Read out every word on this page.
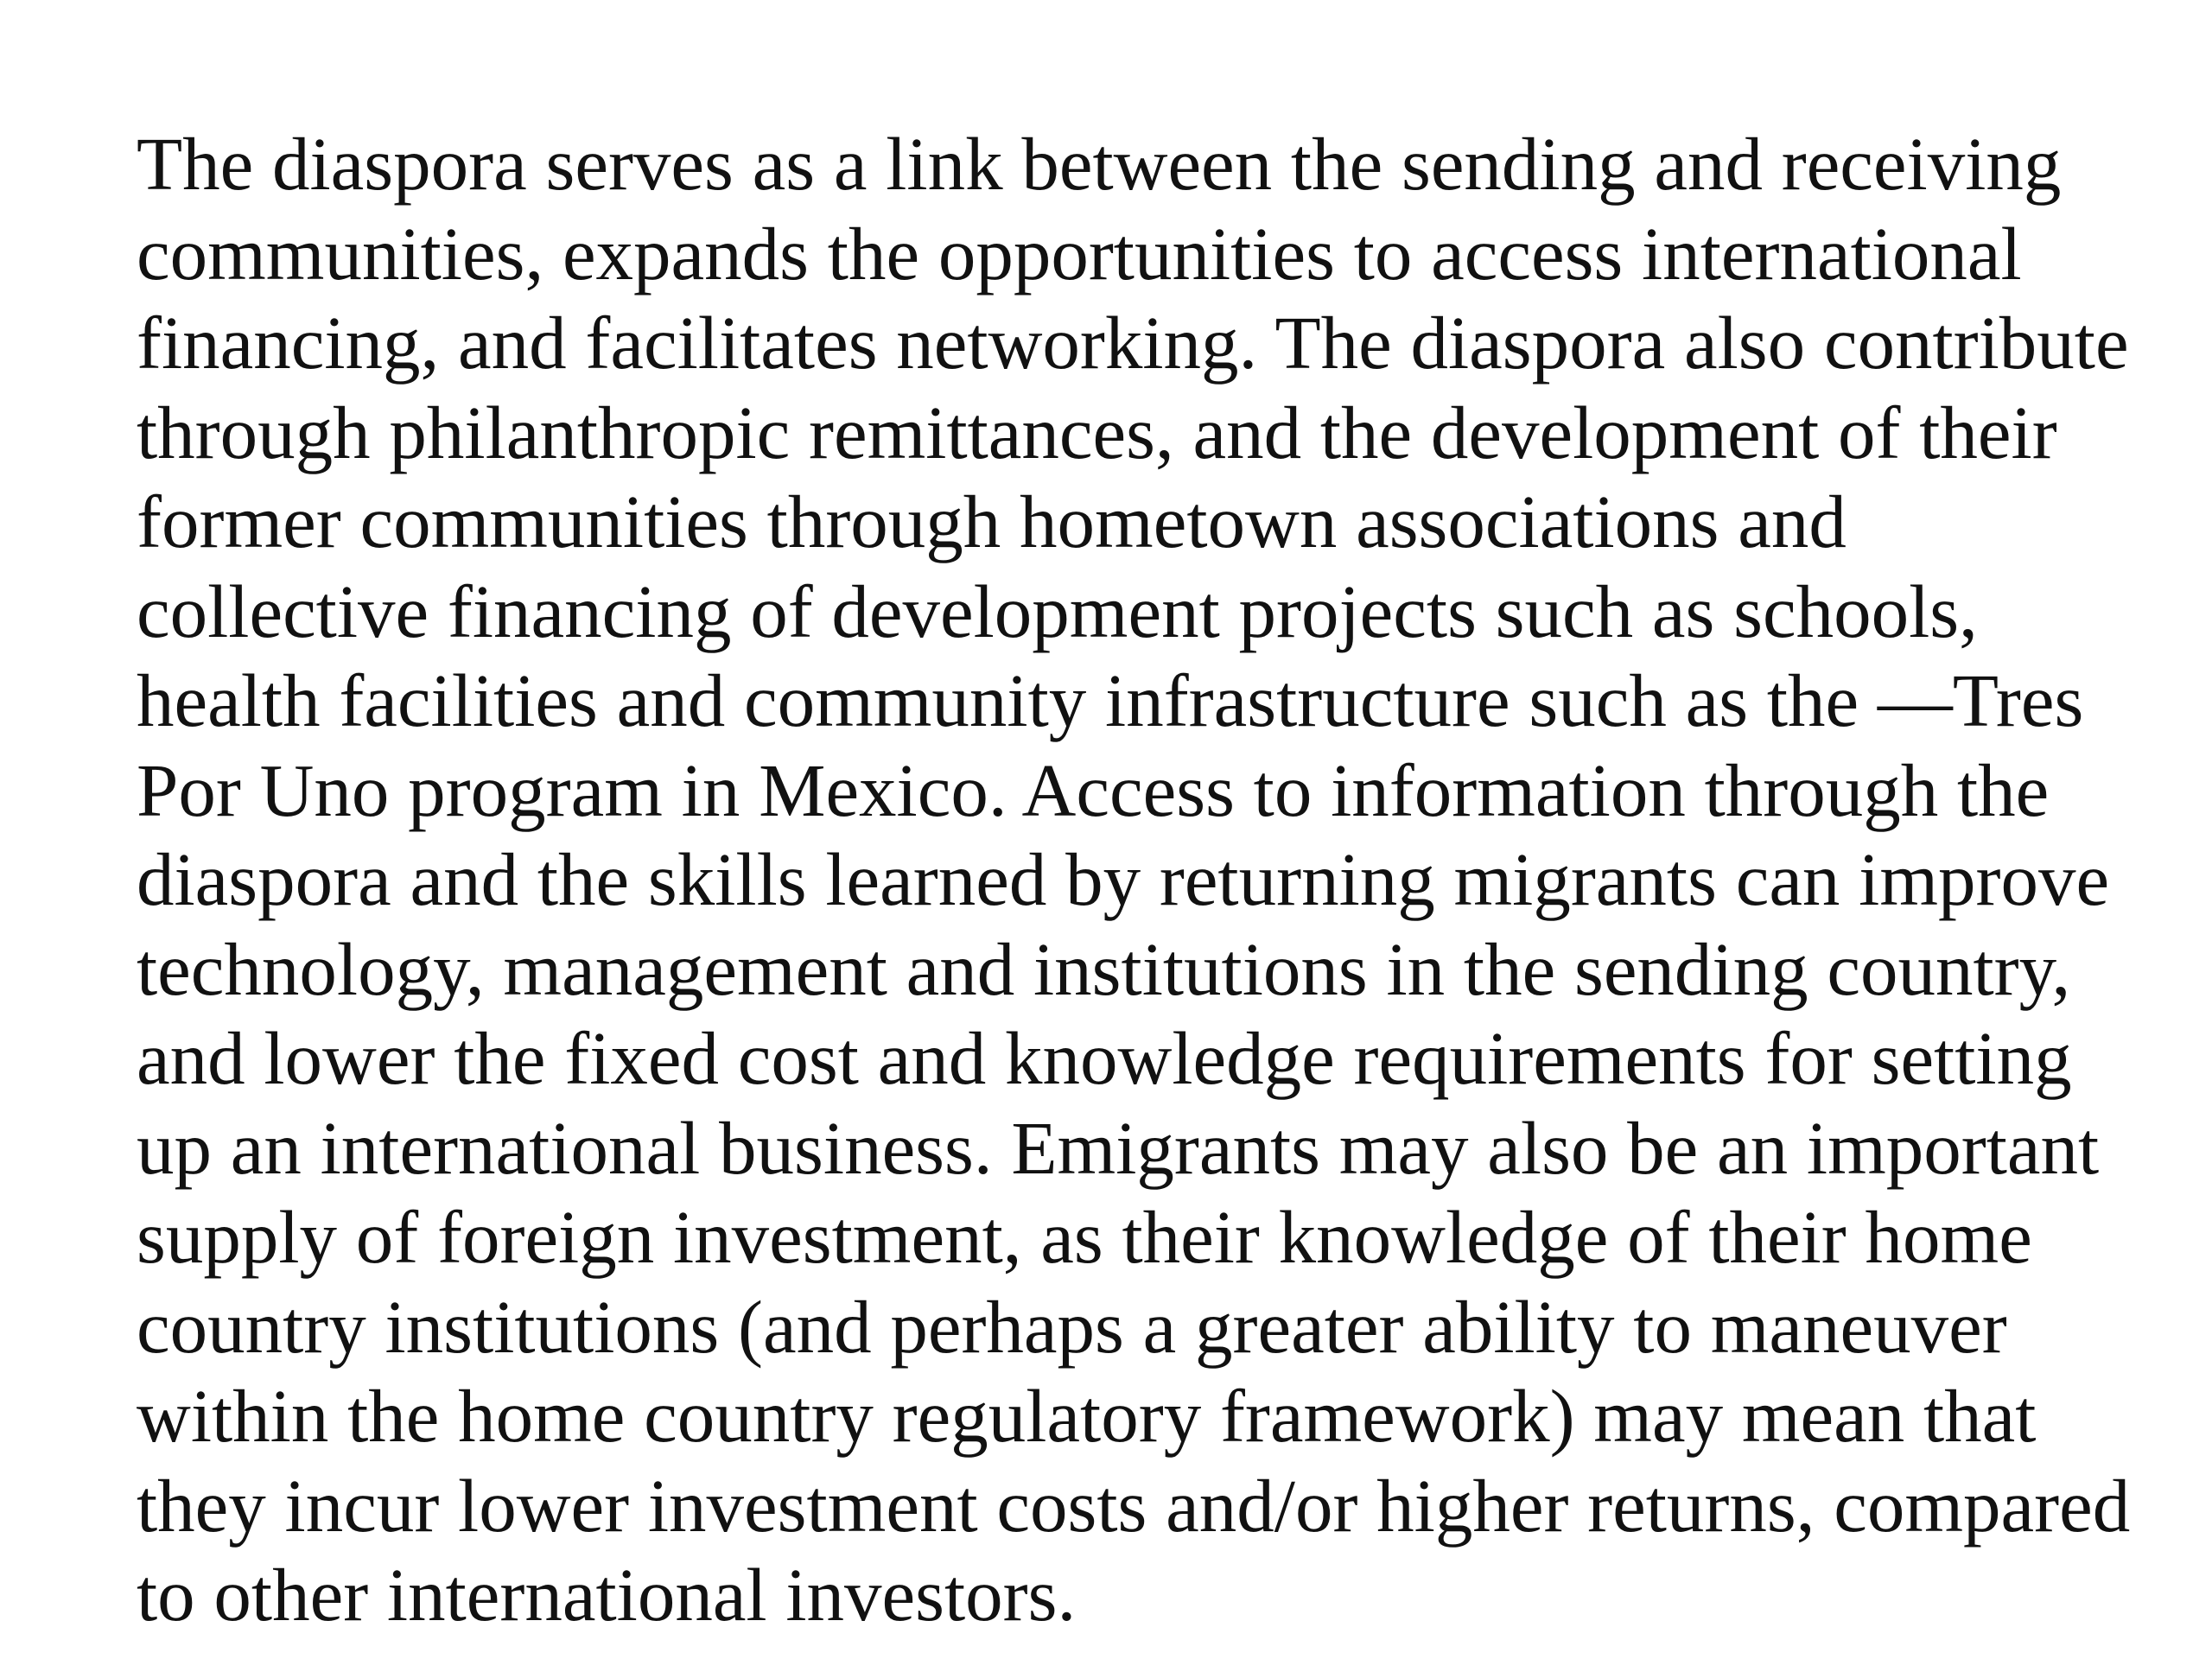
The diaspora serves as a link between the sending and receiving
communities, expands the opportunities to access international
financing, and facilitates networking. The diaspora also contribute
through philanthropic remittances, and the development of their
former communities through hometown associations and
collective financing of development projects such as schools,
health facilities and community infrastructure such as the —Tres
Por Uno program in Mexico. Access to information through the
diaspora and the skills learned by returning migrants can improve
technology, management and institutions in the sending country,
and lower the fixed cost and knowledge requirements for setting
up an international business. Emigrants may also be an important
supply of foreign investment, as their knowledge of their home
country institutions (and perhaps a greater ability to maneuver
within the home country regulatory framework) may mean that
they incur lower investment costs and/or higher returns, compared
to other international investors.
